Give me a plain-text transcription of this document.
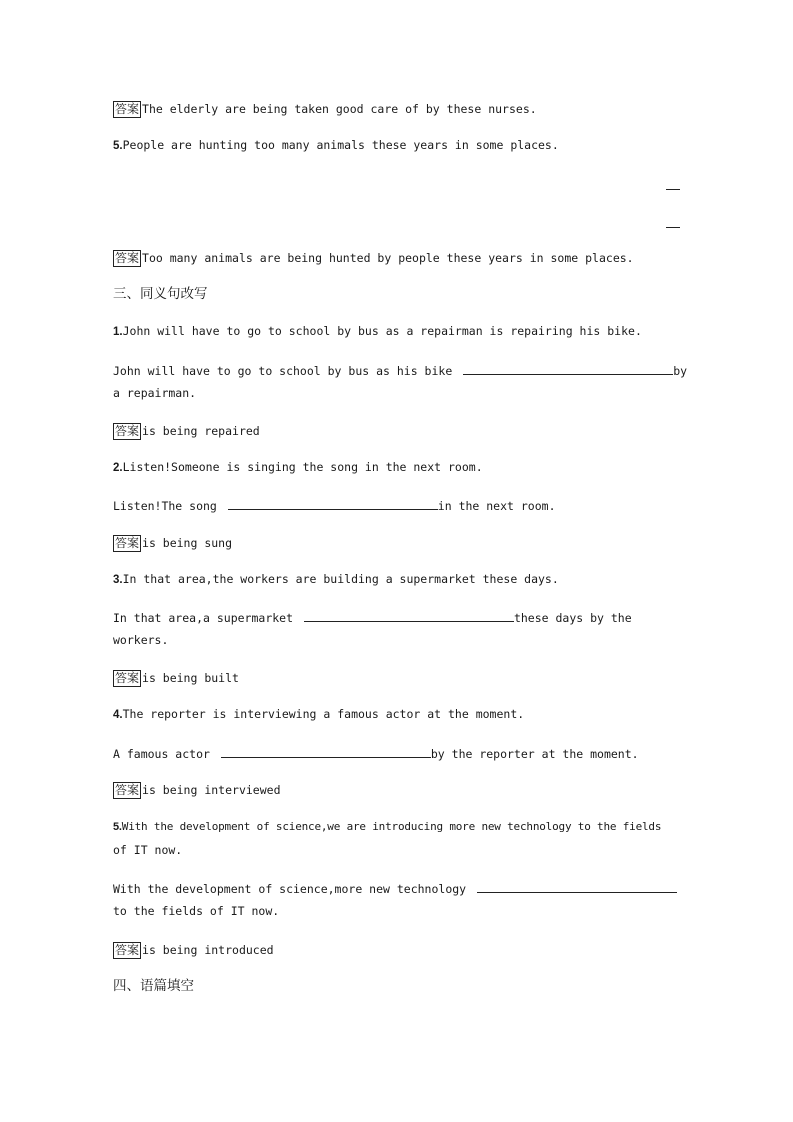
答案 The elderly are being taken good care of by these nurses.
5.People are hunting too many animals these years in some places.
答案 Too many animals are being hunted by people these years in some places.
三、同义句改写
1.John will have to go to school by bus as a repairman is repairing his bike.
John will have to go to school by bus as his bike	by
a repairman.
答案 is being repaired
2.Listen!Someone is singing the song in the next room.
Listen!The song	in the next room.
答案 is being sung
3.In that area,the workers are building a supermarket these days.
In that area,a supermarket	these days by the
workers.
答案 is being built
4.The reporter is interviewing a famous actor at the moment.
A famous actor	by the reporter at the moment.
答案 is being interviewed
5.With the development of science,we are introducing more new technology to the fields
of IT now.
With the development of science,more new technology
to the fields of IT now.
答案 is being introduced
四、语篇填空
